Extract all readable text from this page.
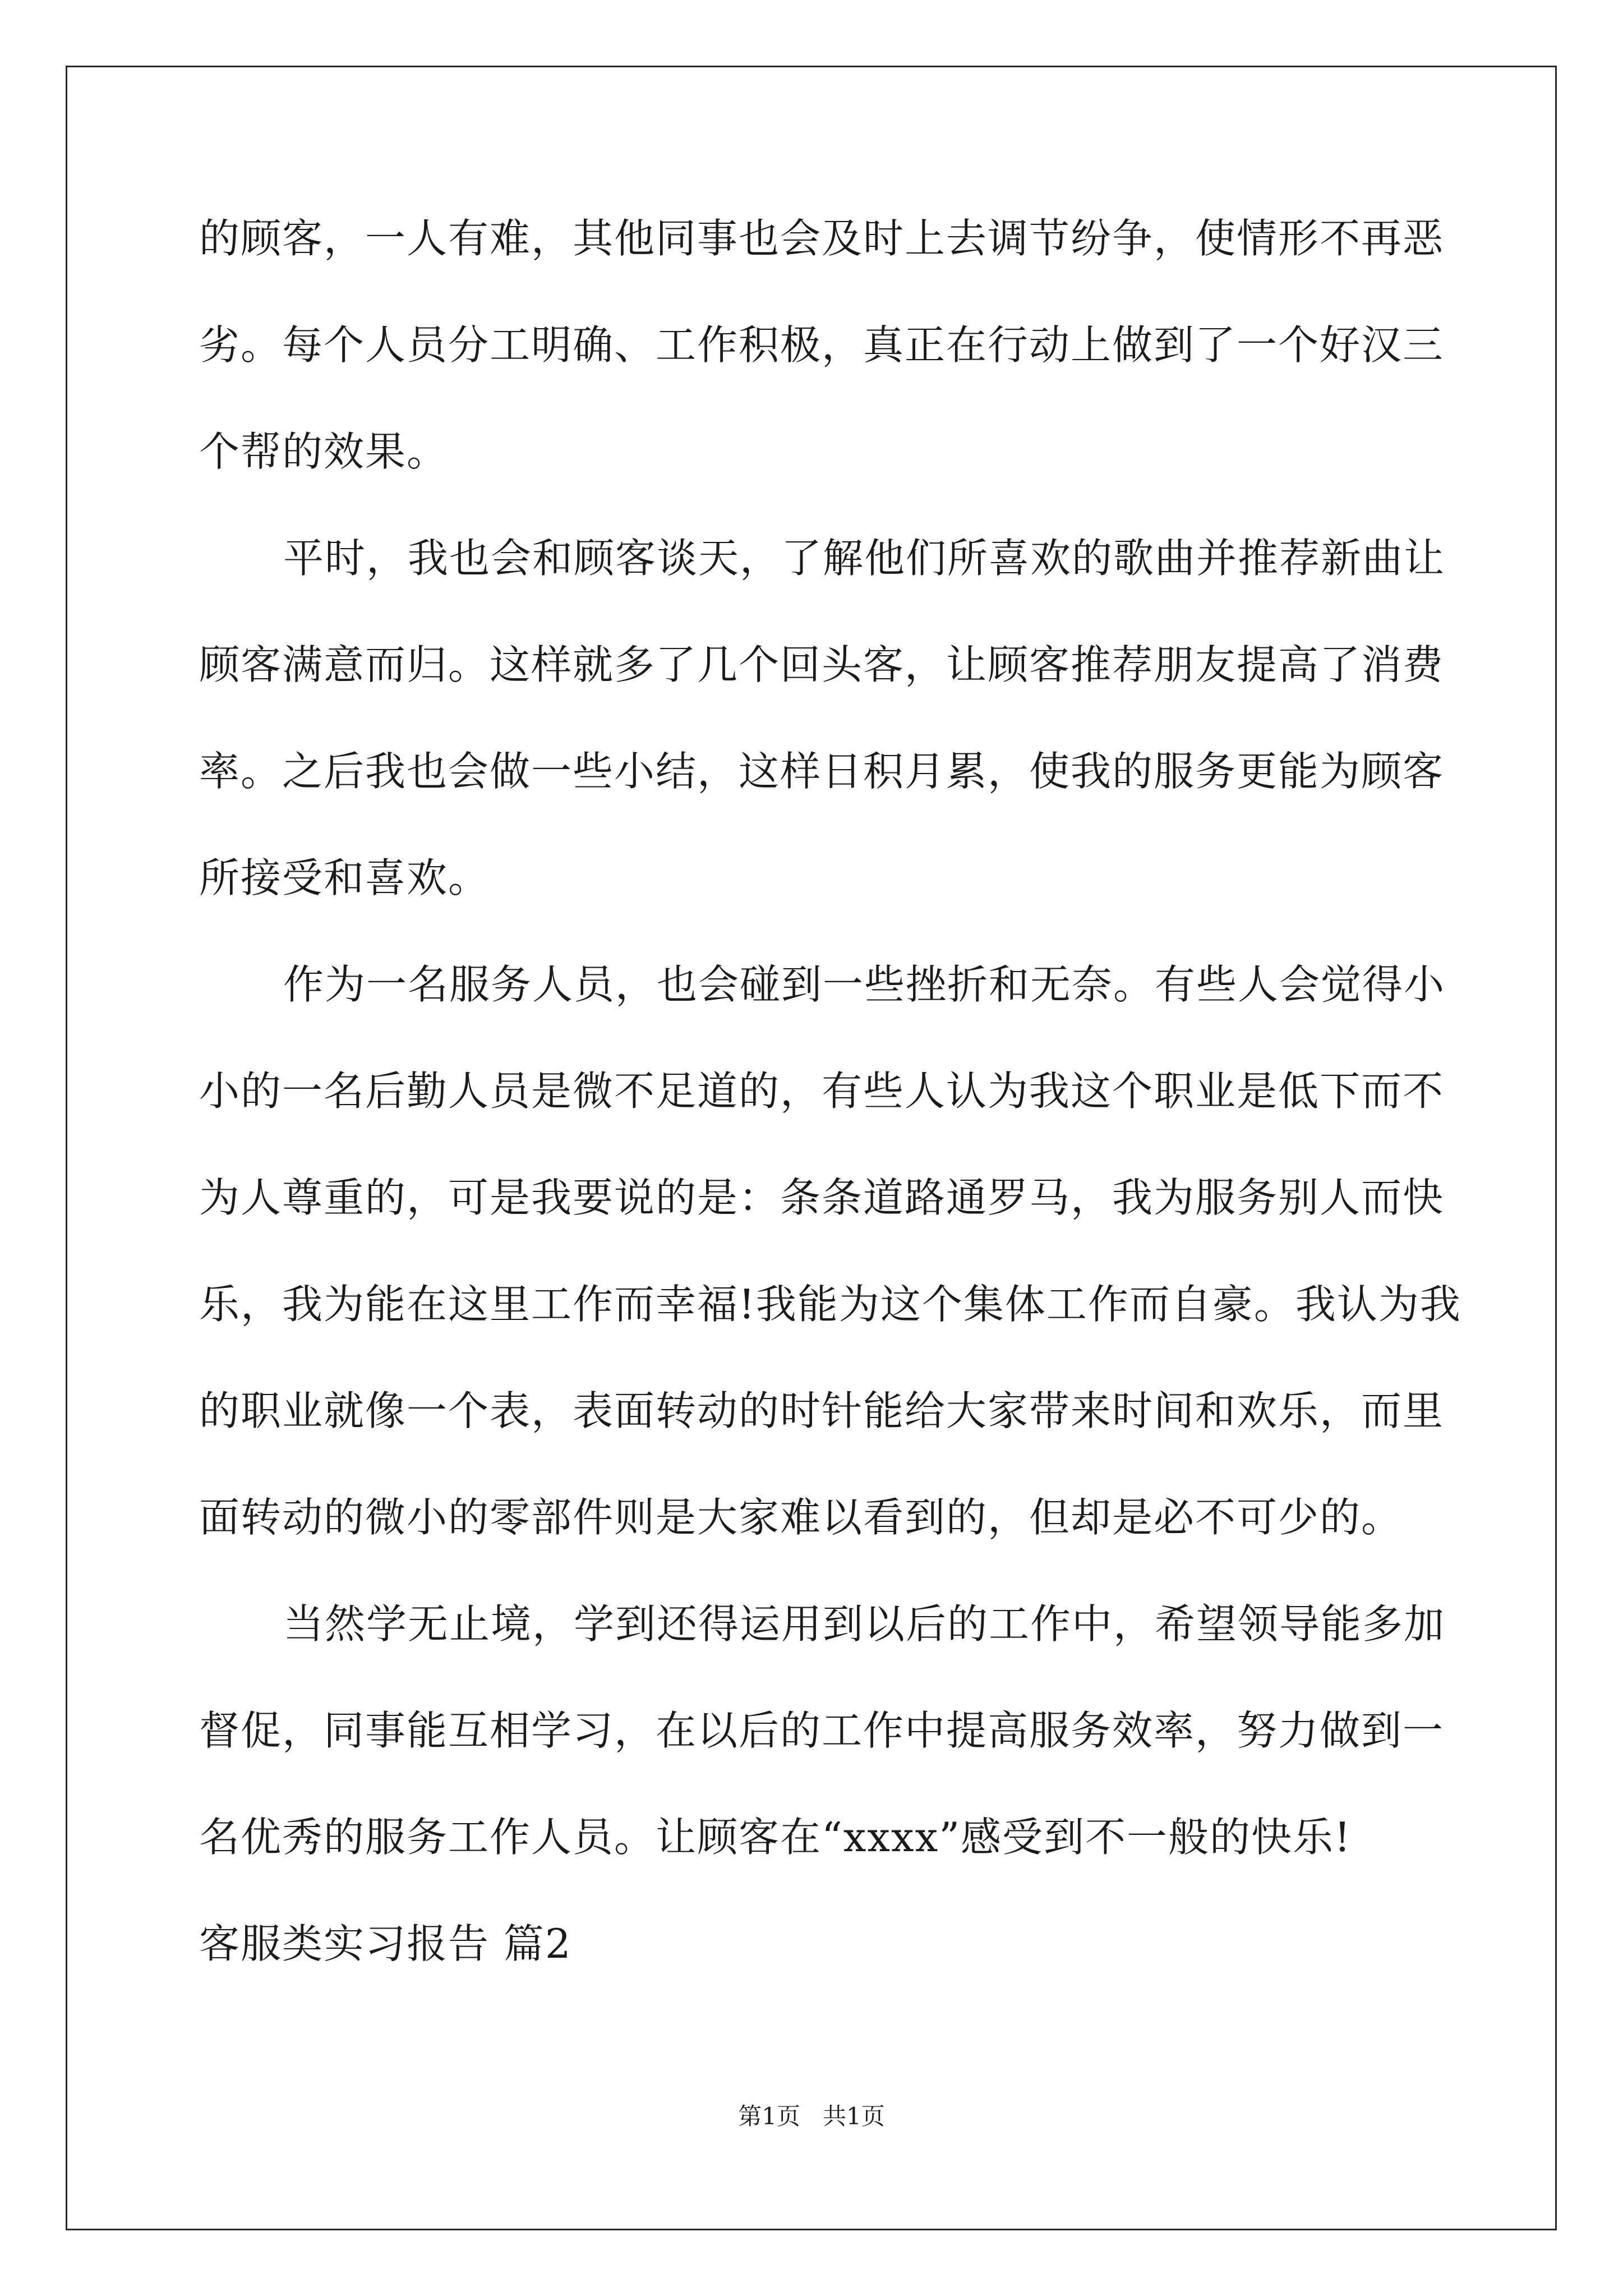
的顾客，一人有难，其他同事也会及时上去调节纷争，使情形不再恶
劣。每个人员分工明确、工作积极，真正在行动上做到了一个好汉三
个帮的效果。
平时，我也会和顾客谈天，了解他们所喜欢的歌曲并推荐新曲让
顾客满意而归。这样就多了几个回头客，让顾客推荐朋友提高了消费
率。之后我也会做一些小结，这样日积月累，使我的服务更能为顾客
所接受和喜欢。
作为一名服务人员，也会碰到一些挫折和无奈。有些人会觉得小
小的一名后勤人员是微不足道的，有些人认为我这个职业是低下而不
为人尊重的，可是我要说的是：条条道路通罗马，我为服务别人而快
乐，我为能在这里工作而幸福!我能为这个集体工作而自豪。我认为我
的职业就像一个表，表面转动的时针能给大家带来时间和欢乐，而里
面转动的微小的零部件则是大家难以看到的，但却是必不可少的。
当然学无止境，学到还得运用到以后的工作中，希望领导能多加
督促，同事能互相学习，在以后的工作中提高服务效率，努力做到一
名优秀的服务工作人员。让顾客在“xxxx”感受到不一般的快乐!
客服类实习报告 篇2
第1页   共1页
